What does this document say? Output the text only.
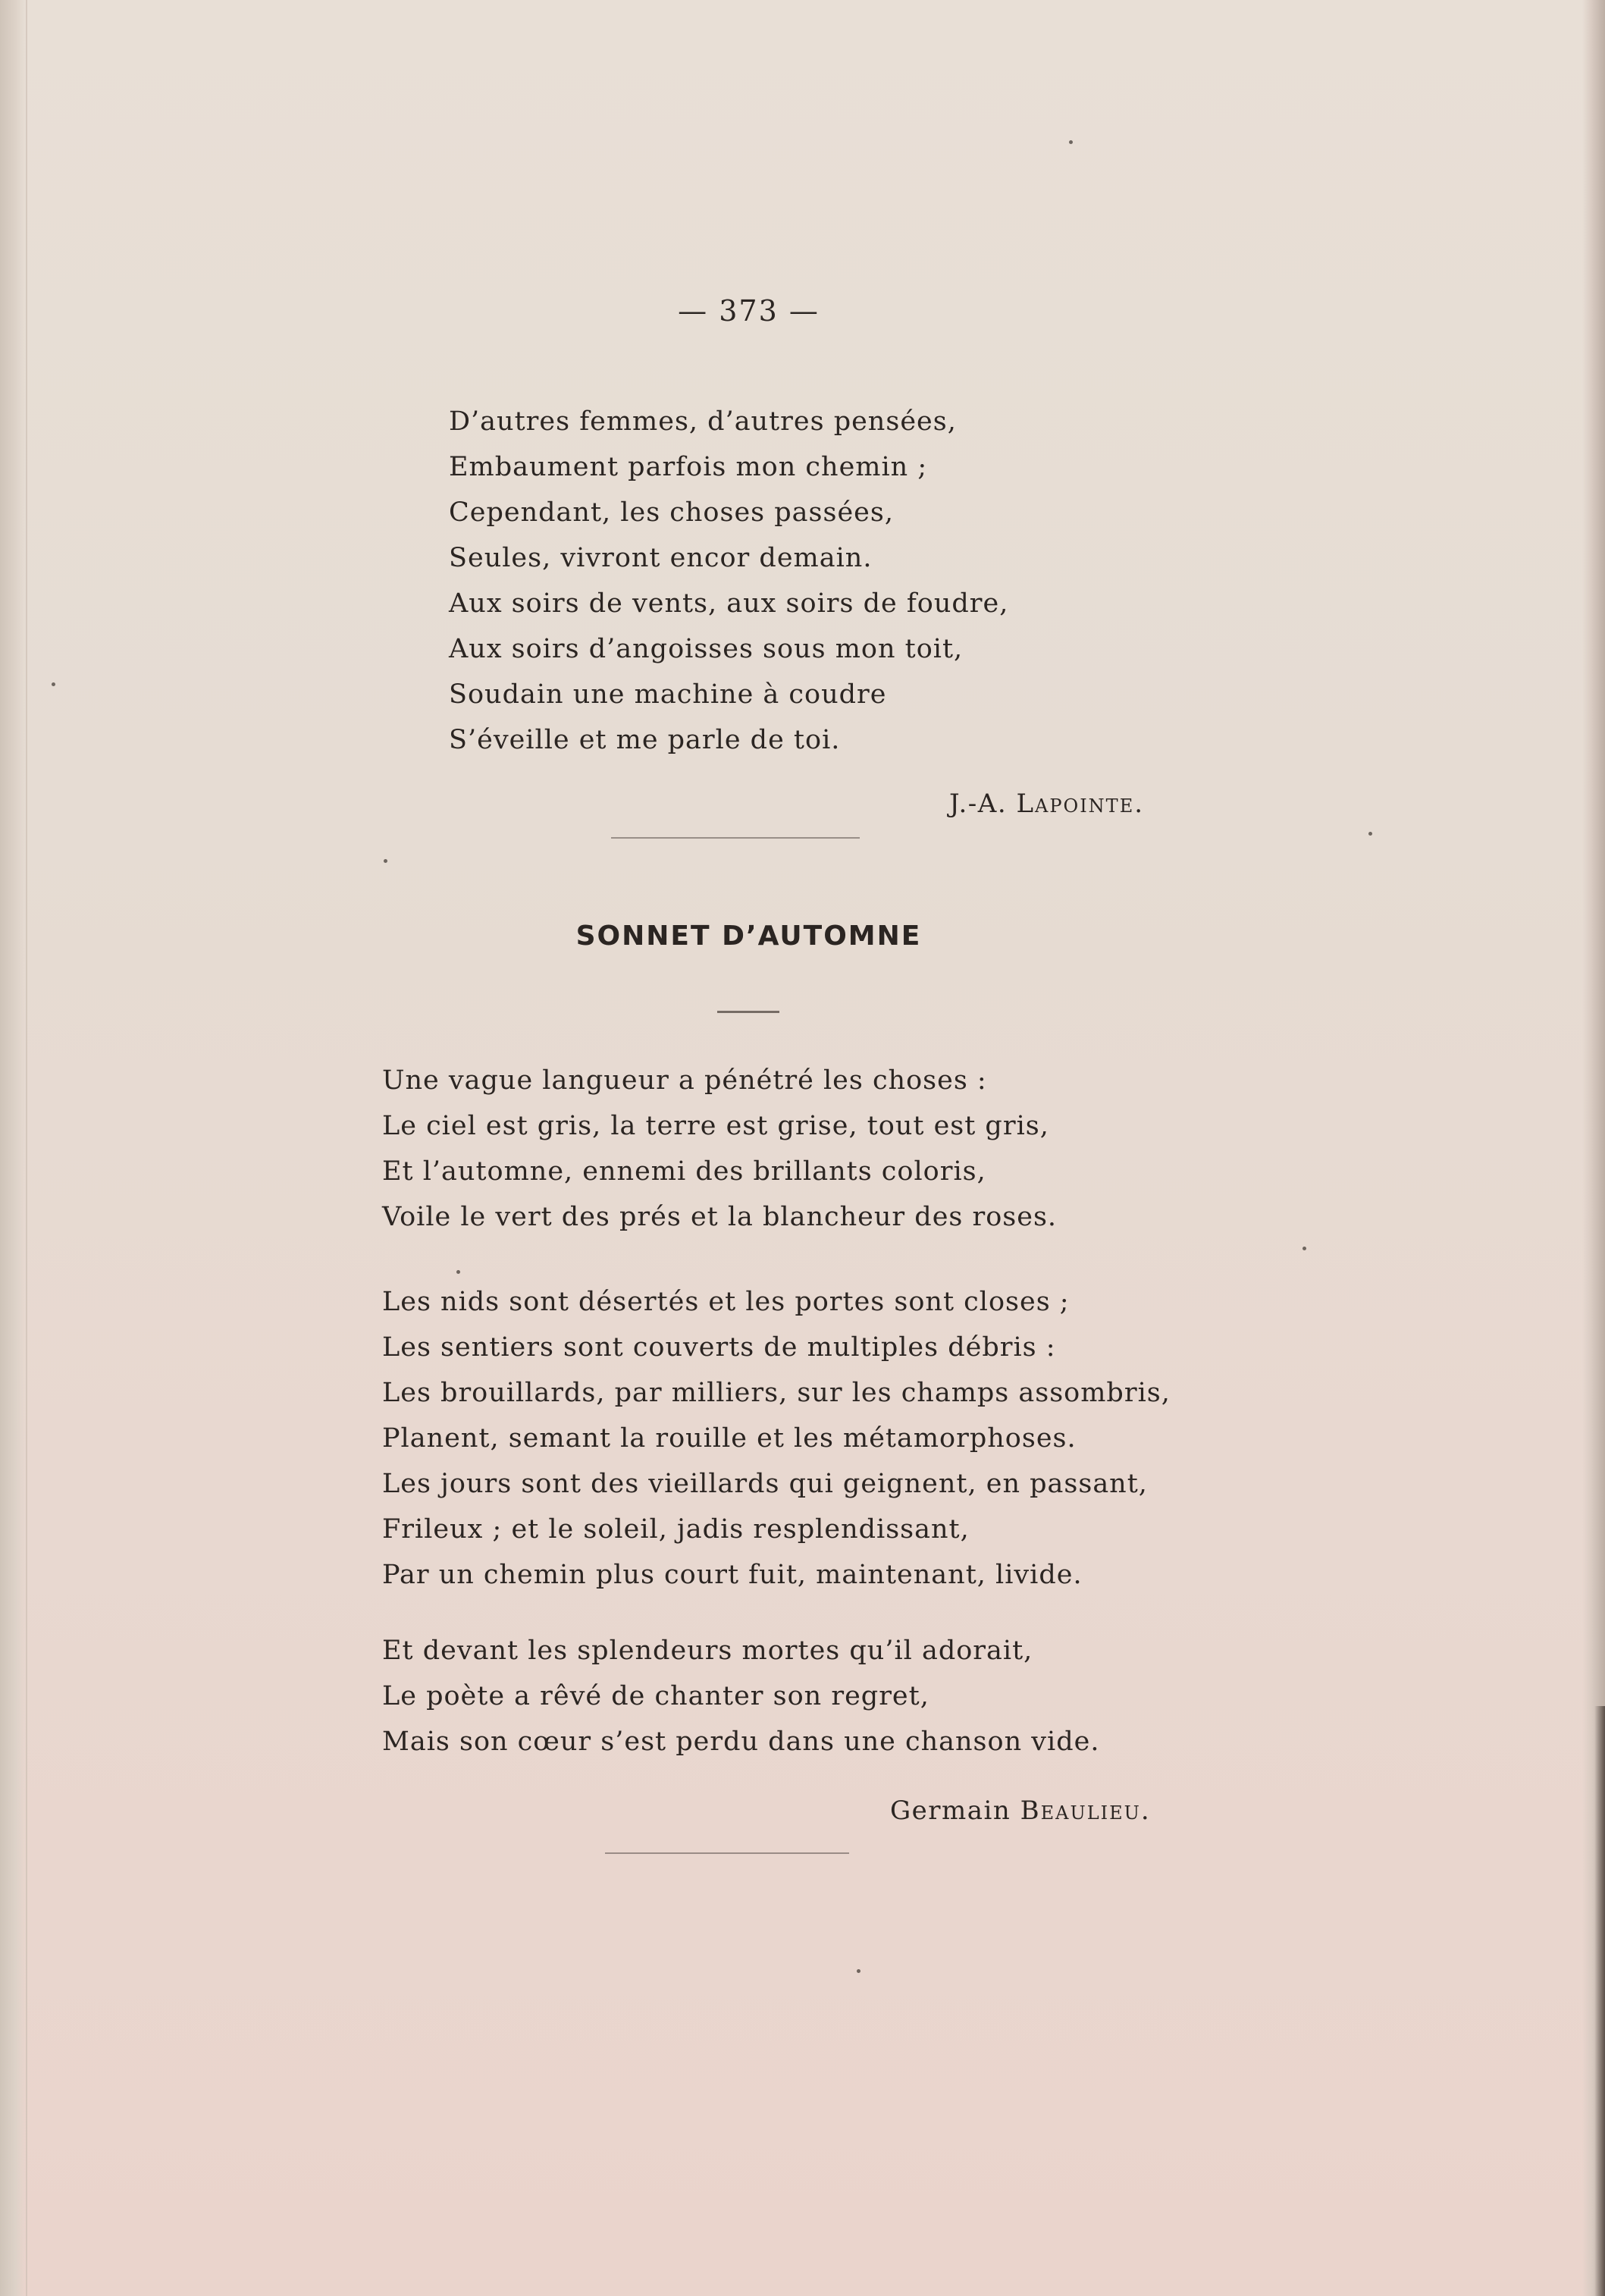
— 373 —
D’autres femmes, d’autres pensées,
Embaument parfois mon chemin ;
Cependant, les choses passées,
Seules, vivront encor demain.
Aux soirs de vents, aux soirs de foudre,
Aux soirs d’angoisses sous mon toit,
Soudain une machine à coudre
S’éveille et me parle de toi.
J.-A. Lapointe.
SONNET D’AUTOMNE
Une vague langueur a pénétré les choses :
Le ciel est gris, la terre est grise, tout est gris,
Et l’automne, ennemi des brillants coloris,
Voile le vert des prés et la blancheur des roses.
Les nids sont désertés et les portes sont closes ;
Les sentiers sont couverts de multiples débris :
Les brouillards, par milliers, sur les champs assombris,
Planent, semant la rouille et les métamorphoses.
Les jours sont des vieillards qui geignent, en passant,
Frileux ; et le soleil, jadis resplendissant,
Par un chemin plus court fuit, maintenant, livide.
Et devant les splendeurs mortes qu’il adorait,
Le poète a rêvé de chanter son regret,
Mais son cœur s’est perdu dans une chanson vide.
Germain Beaulieu.
